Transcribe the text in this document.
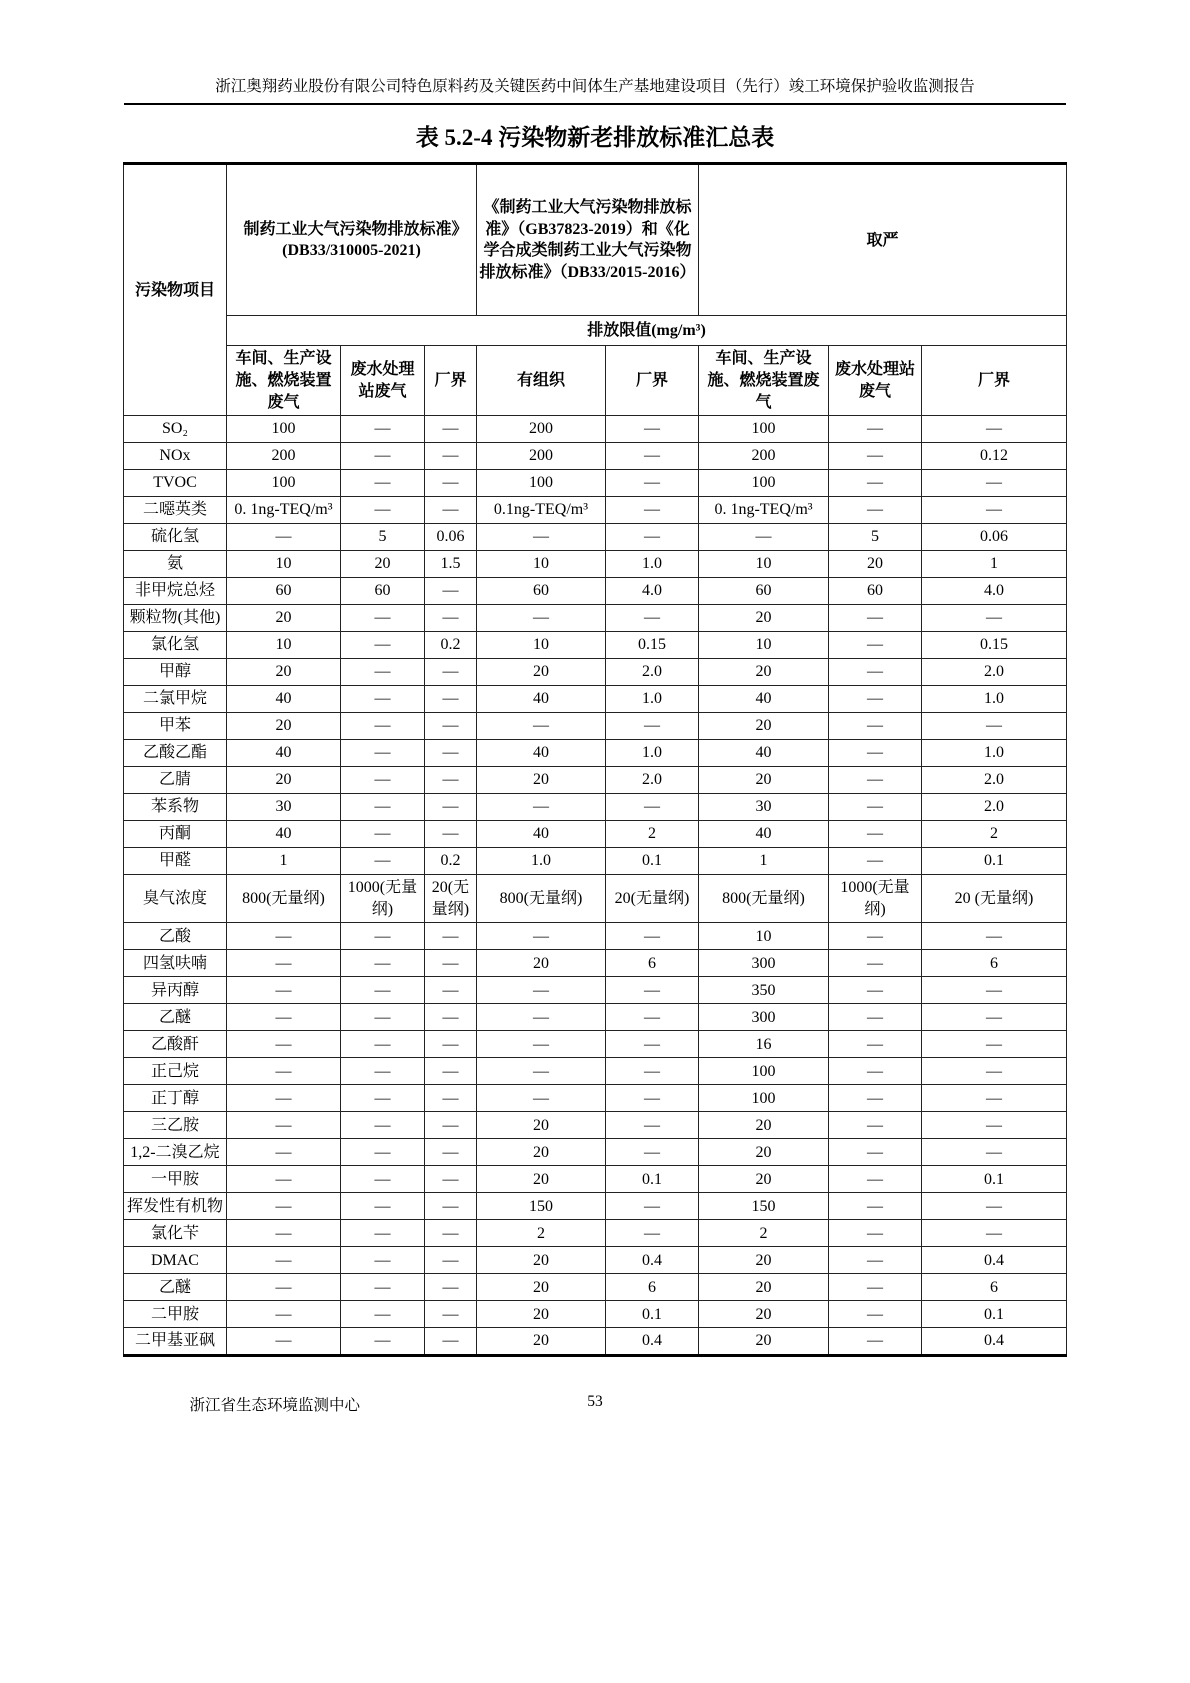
浙江奥翔药业股份有限公司特色原料药及关键医药中间体生产基地建设项目（先行）竣工环境保护验收监测报告
表 5.2-4 污染物新老排放标准汇总表
污染物项目	制药工业大气污染物排放标准》　(DB33/310005-2021)			《制药工业大气污染物排放标准》（GB37823-2019）和《化学合成类制药工业大气污染物排放标准》（DB33/2015-2016）		取严		
	排放限值(mg/m³)							
	车间、生产设施、燃烧装置废气	废水处理站废气	厂界	有组织	厂界	车间、生产设施、燃烧装置废气	废水处理站废气	厂界
SO₂	100	—	—	200	—	100	—	—
NOx	200	—	—	200	—	200	—	0.12
TVOC	100	—	—	100	—	100	—	—
二噁英类	0. 1ng-TEQ/m³	—	—	0.1ng-TEQ/m³	—	0. 1ng-TEQ/m³	—	—
硫化氢	—	5	0.06	—	—	—	5	0.06
氨	10	20	1.5	10	1.0	10	20	1
非甲烷总烃	60	60	—	60	4.0	60	60	4.0
颗粒物(其他)	20	—	—	—	—	20	—	—
氯化氢	10	—	0.2	10	0.15	10	—	0.15
甲醇	20	—	—	20	2.0	20	—	2.0
二氯甲烷	40	—	—	40	1.0	40	—	1.0
甲苯	20	—	—	—	—	20	—	—
乙酸乙酯	40	—	—	40	1.0	40	—	1.0
乙腈	20	—	—	20	2.0	20	—	2.0
苯系物	30	—	—	—	—	30	—	2.0
丙酮	40	—	—	40	2	40	—	2
甲醛	1	—	0.2	1.0	0.1	1	—	0.1
臭气浓度	800(无量纲)	1000(无量纲)	20(无量纲)	800(无量纲)	20(无量纲)	800(无量纲)	1000(无量纲)	20 (无量纲)
乙酸	—	—	—	—	—	10	—	—
四氢呋喃	—	—	—	20	6	300	—	6
异丙醇	—	—	—	—	—	350	—	—
乙醚	—	—	—	—	—	300	—	—
乙酸酐	—	—	—	—	—	16	—	—
正己烷	—	—	—	—	—	100	—	—
正丁醇	—	—	—	—	—	100	—	—
三乙胺	—	—	—	20	—	20	—	—
1,2-二溴乙烷	—	—	—	20	—	20	—	—
一甲胺	—	—	—	20	0.1	20	—	0.1
挥发性有机物	—	—	—	150	—	150	—	—
氯化苄	—	—	—	2	—	2	—	—
DMAC	—	—	—	20	0.4	20	—	0.4
乙醚	—	—	—	20	6	20	—	6
二甲胺	—	—	—	20	0.1	20	—	0.1
二甲基亚砜	—	—	—	20	0.4	20	—	0.4
浙江省生态环境监测中心	53
